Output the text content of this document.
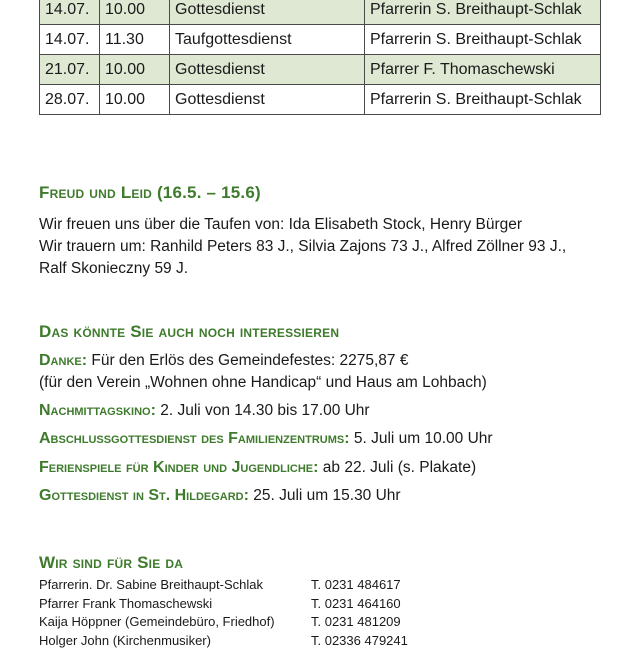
14.07.	10.00	Gottesdienst	Pfarrerin S. Breithaupt-Schlak
14.07.	11.30	Taufgottesdienst	Pfarrerin S. Breithaupt-Schlak
21.07.	10.00	Gottesdienst	Pfarrer F. Thomaschewski
28.07.	10.00	Gottesdienst	Pfarrerin S. Breithaupt-Schlak
Freud und Leid (16.5. – 15.6)

Wir freuen uns über die Taufen von: Ida Elisabeth Stock, Henry Bürger
Wir trauern um: Ranhild Peters 83 J., Silvia Zajons 73 J., Alfred Zöllner 93 J.,
Ralf Skonieczny 59 J.

Das könnte Sie auch noch interessieren

Danke: Für den Erlös des Gemeindefestes: 2275,87 €

(für den Verein „Wohnen ohne Handicap“ und Haus am Lohbach)

Nachmittagskino: 2. Juli von 14.30 bis 17.00 Uhr

Abschlussgottesdienst des Familienzentrums: 5. Juli um 10.00 Uhr

Ferienspiele für Kinder und Jugendliche: ab 22. Juli (s. Plakate)

Gottesdienst in St. Hildegard: 25. Juli um 15.30 Uhr

Wir sind für Sie da
Pfarrerin. Dr. Sabine Breithaupt-Schlak	T. 0231 484617
Pfarrer Frank Thomaschewski	T. 0231 464160
Kaija Höppner (Gemeindebüro, Friedhof)	T. 0231 481209
Holger John (Kirchenmusiker)	T. 02336 479241
